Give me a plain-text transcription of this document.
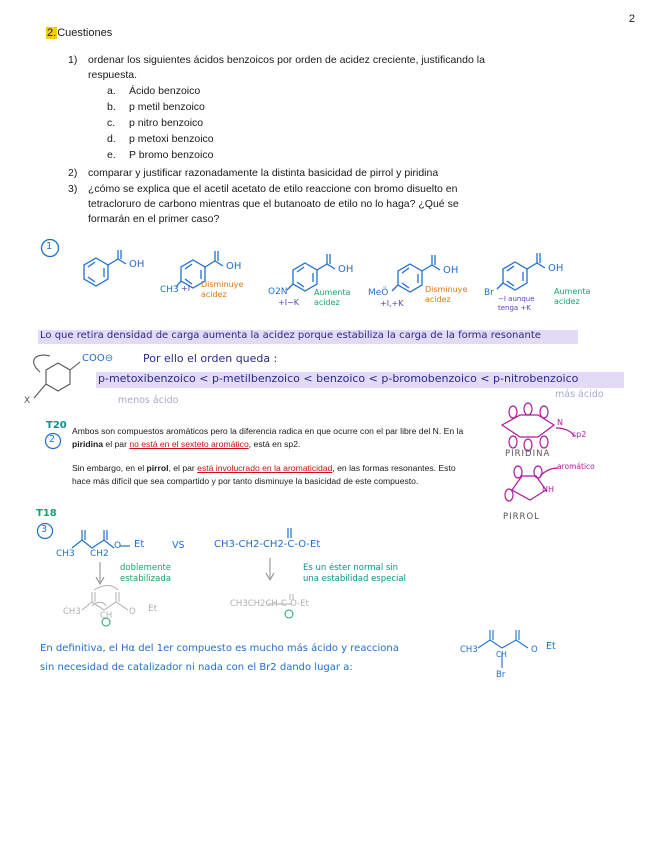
2
2.Cuestiones
1) ordenar los siguientes ácidos benzoicos por orden de acidez creciente, justificando la
respuesta.
a. Ácido benzoico
b. p metil benzoico
c. p nitro benzoico
d. p metoxi benzoico
e. P bromo benzoico
2) comparar y justificar razonadamente la distinta basicidad de pirrol y piridina
3) ¿cómo se explica que el acetil acetato de etilo reaccione con bromo disuelto en
tetracloruro de carbono mientras que el butanoato de etilo no lo haga? ¿Qué se
formarán en el primer caso?
1
OH	OH	OH	OH	OH
CH3 +I Disminuye acidez	O2N
+I−K
Aumenta acidez
MeÖ
+I,+K
Disminuye acidez
Br
−I aunque tenga +K
Aumenta acidez
Lo que retira densidad de carga aumenta la acidez porque estabiliza la carga de la forma resonante
COO⊖
X
Por ello el orden queda :
p-metoxibenzoico < p-metilbenzoico < benzoico < p-bromobenzoico < p-nitrobenzoico
menos ácido
más ácido
T20
2
Ambos son compuestos aromáticos pero la diferencia radica en que ocurre con el par libre del N. En la piridina el par no está en el sexteto aromático, está en sp2.
Sin embargo, en el pirrol, el par está involucrado en la aromaticidad, en las formas resonantes. Esto hace más difícil que sea compartido y por tanto disminuye la basicidad de este compuesto.
N
sp2
PIRIDINA
aromático
NH
PIRROL
T18
3
CH3 CH2
O Et	VS	CH3-CH2-CH2-C-O-Et
doblemente estabilizada
Es un éster normal sin una estabilidad especial
CH3 CH O Et	CH3CH2CH-C-O-Et
En definitiva, el Hα del 1er compuesto es mucho más ácido y reacciona
sin necesidad de catalizador ni nada con el Br2 dando lugar a:
CH3 CH	O Et
Br
